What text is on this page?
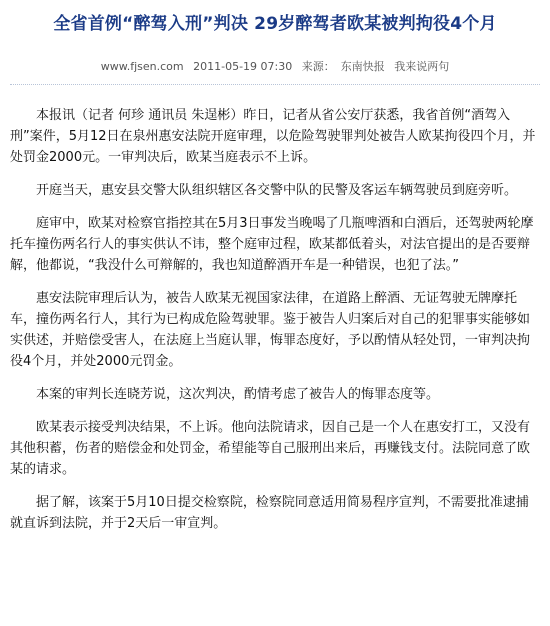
全省首例“醉驾入刑”判决 29岁醉驾者欧某被判拘役4个月
www.fjsen.com 2011-05-19 07:30 来源： 东南快报 我来说两句

本报讯（记者 何珍 通讯员 朱逞彬）昨日，记者从省公安厅获悉，我省首例“酒驾入刑”案件，5月12日在泉州惠安法院开庭审理，以危险驾驶罪判处被告人欧某拘役四个月，并处罚金2000元。一审判决后，欧某当庭表示不上诉。

开庭当天，惠安县交警大队组织辖区各交警中队的民警及客运车辆驾驶员到庭旁听。

庭审中，欧某对检察官指控其在5月3日事发当晚喝了几瓶啤酒和白酒后，还驾驶两轮摩托车撞伤两名行人的事实供认不讳，整个庭审过程，欧某都低着头，对法官提出的是否要辩解，他都说，“我没什么可辩解的，我也知道醉酒开车是一种错误，也犯了法。”

惠安法院审理后认为，被告人欧某无视国家法律，在道路上醉酒、无证驾驶无牌摩托车，撞伤两名行人，其行为已构成危险驾驶罪。鉴于被告人归案后对自己的犯罪事实能够如实供述，并赔偿受害人，在法庭上当庭认罪，悔罪态度好，予以酌情从轻处罚，一审判决拘役4个月，并处2000元罚金。

本案的审判长连晓芳说，这次判决，酌情考虑了被告人的悔罪态度等。

欧某表示接受判决结果，不上诉。他向法院请求，因自己是一个人在惠安打工，又没有其他积蓄，伤者的赔偿金和处罚金，希望能等自己服刑出来后，再赚钱支付。法院同意了欧某的请求。

据了解，该案于5月10日提交检察院，检察院同意适用简易程序宣判，不需要批准逮捕就直诉到法院，并于2天后一审宣判。
